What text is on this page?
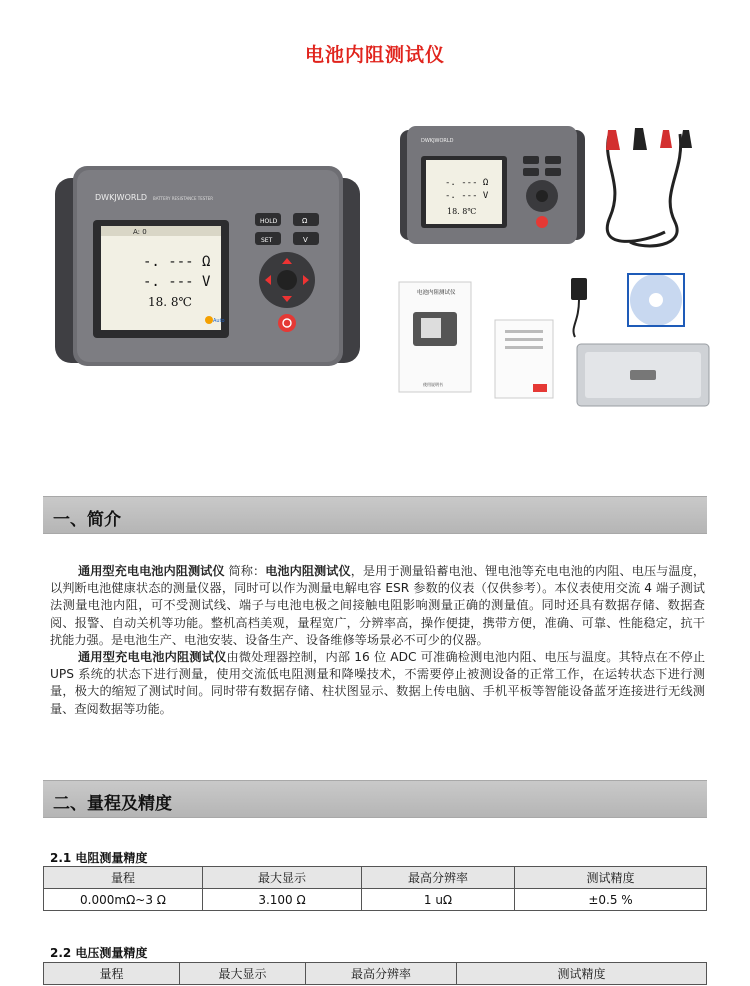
电池内阻测试仪
DWKJWORLD BATTERY RESISTANCE TESTER
A: 0
-. --- Ω
-. --- V
18. 8℃
HOLD	Ω
SET	V
Auto
DWKJWORLD
-. --- Ω
-. --- V
18. 8℃
电池内阻测试仪
使用说明书
一、简介

通用型充电电池内阻测试仪 简称：电池内阻测试仪，是用于测量铅蓄电池、锂电池等充电电池的内阻、电压与温度，以判断电池健康状态的测量仪器，同时可以作为测量电解电容 ESR 参数的仪表（仅供参考）。本仪表使用交流 4 端子测试法测量电池内阻，可不受测试线、端子与电池电极之间接触电阻影响测量正确的测量值。同时还具有数据存储、数据查阅、报警、自动关机等功能。整机高档美观，量程宽广，分辨率高，操作便捷，携带方便，准确、可靠、性能稳定，抗干扰能力强。是电池生产、电池安装、设备生产、设备维修等场景必不可少的仪器。

通用型充电电池内阻测试仪由微处理器控制，内部 16 位 ADC 可准确检测电池内阻、电压与温度。其特点在不停止 UPS 系统的状态下进行测量，使用交流低电阻测量和降噪技术，不需要停止被测设备的正常工作，在运转状态下进行测量，极大的缩短了测试时间。同时带有数据存储、柱状图显示、数据上传电脑、手机平板等智能设备蓝牙连接进行无线测量、查阅数据等功能。

二、量程及精度
2.1 电阻测量精度
量程	最大显示	最高分辨率	测试精度
0.000mΩ~3 Ω	3.100 Ω	1 uΩ	±0.5 %
2.2 电压测量精度
量程	最大显示	最高分辨率	测试精度
